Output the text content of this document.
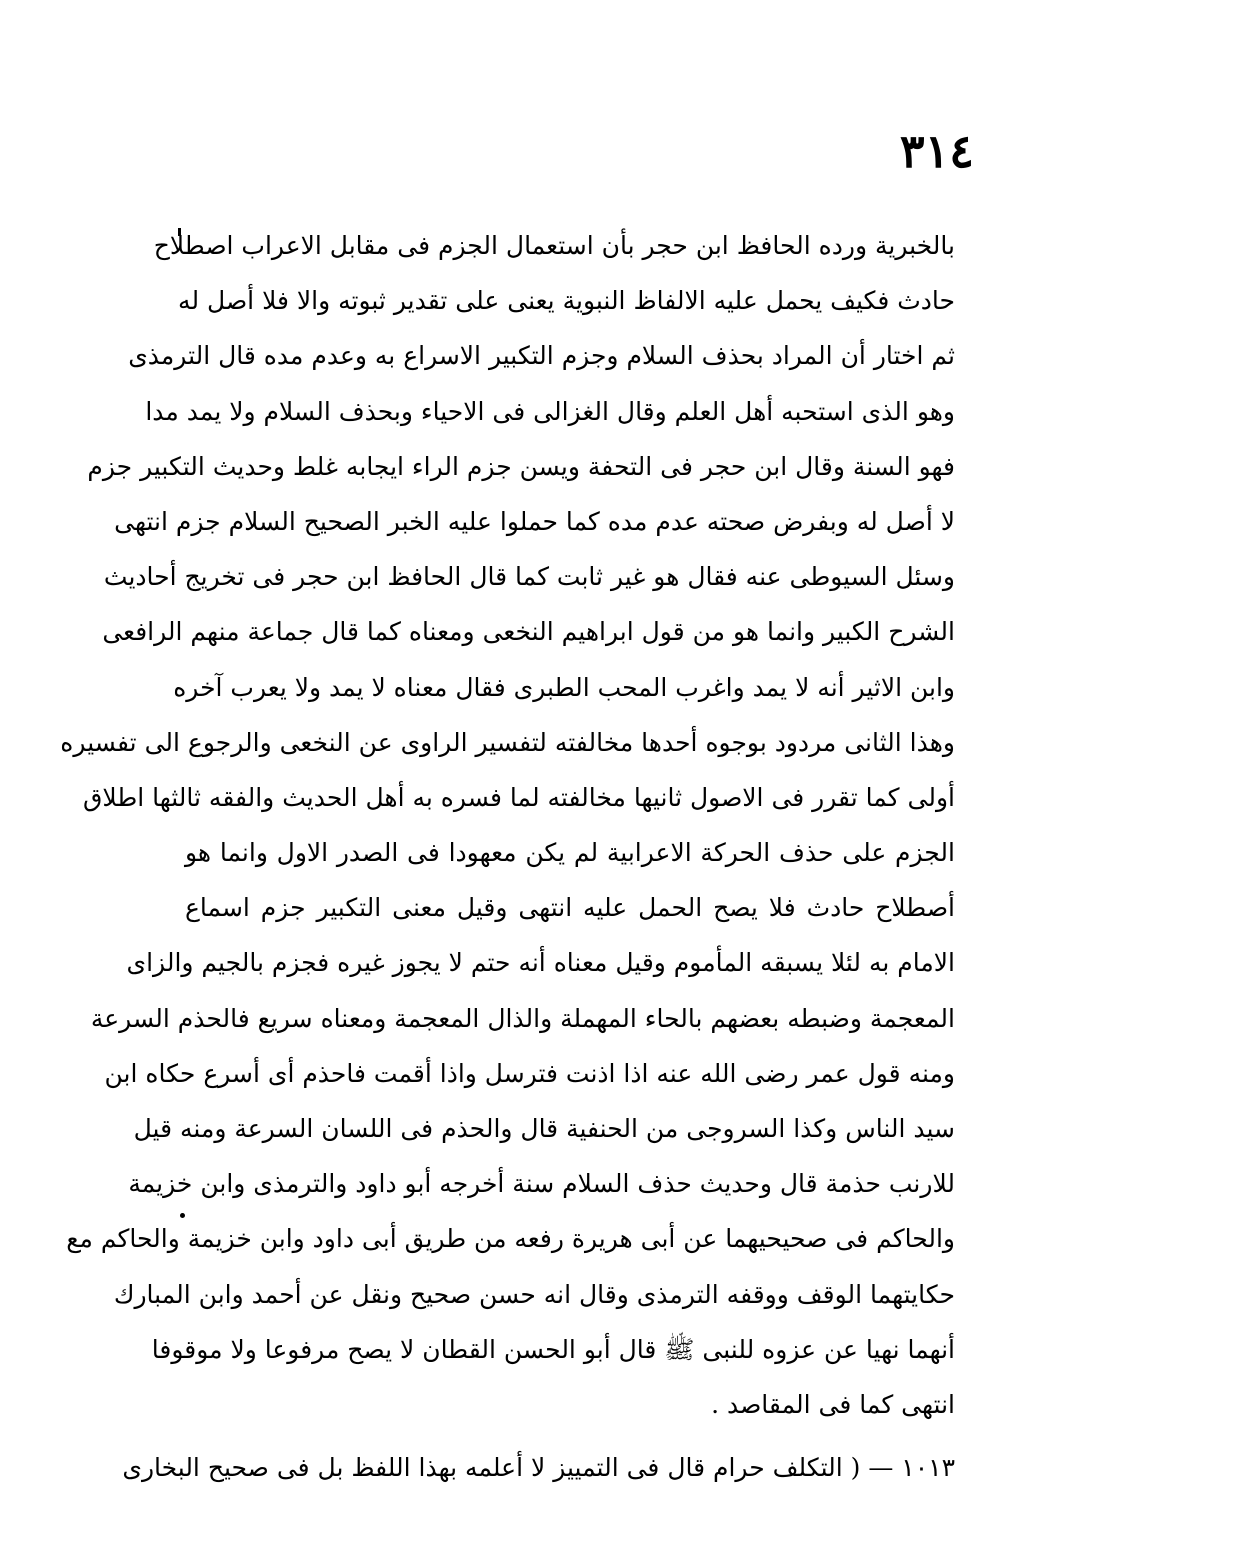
٣١٤
بالخبرية ورده الحافظ ابن حجر بأن استعمال الجزم فى مقابل الاعراب اصطلاح
حادث فكيف يحمل عليه الالفاظ النبوية يعنى على تقدير ثبوته والا فلا أصل له
ثم اختار أن المراد بحذف السلام وجزم التكبير الاسراع به وعدم مده قال الترمذى
وهو الذى استحبه أهل العلم وقال الغزالى فى الاحياء وبحذف السلام ولا يمد مدا
فهو السنة وقال ابن حجر فى التحفة ويسن جزم الراء ايجابه غلط وحديث التكبير جزم
لا أصل له وبفرض صحته عدم مده كما حملوا عليه الخبر الصحيح السلام جزم انتهى
وسئل السيوطى عنه فقال هو غير ثابت كما قال الحافظ ابن حجر فى تخريج أحاديث
الشرح الكبير وانما هو من قول ابراهيم النخعى ومعناه كما قال جماعة منهم الرافعى
وابن الاثير أنه لا يمد واغرب المحب الطبرى فقال معناه لا يمد ولا يعرب آخره
وهذا الثانى مردود بوجوه أحدها مخالفته لتفسير الراوى عن النخعى والرجوع الى تفسيره
أولى كما تقرر فى الاصول ثانيها مخالفته لما فسره به أهل الحديث والفقه ثالثها اطلاق
الجزم على حذف الحركة الاعرابية لم يكن معهودا فى الصدر الاول وانما هو
أصطلاح حادث فلا يصح الحمل عليه انتهى وقيل معنى التكبير جزم اسماع
الامام به لئلا يسبقه المأموم وقيل معناه أنه حتم لا يجوز غيره فجزم بالجيم والزاى
المعجمة وضبطه بعضهم بالحاء المهملة والذال المعجمة ومعناه سريع فالحذم السرعة
ومنه قول عمر رضى الله عنه اذا اذنت فترسل واذا أقمت فاحذم أى أسرع حكاه ابن
سيد الناس وكذا السروجى من الحنفية قال والحذم فى اللسان السرعة ومنه قيل
للارنب حذمة قال وحديث حذف السلام سنة أخرجه أبو داود والترمذى وابن خزيمة
والحاكم فى صحيحيهما عن أبى هريرة رفعه من طريق أبى داود وابن خزيمة والحاكم مع
حكايتهما الوقف ووقفه الترمذى وقال انه حسن صحيح ونقل عن أحمد وابن المبارك
أنهما نهيا عن عزوه للنبى ﷺ قال أبو الحسن القطان لا يصح مرفوعا ولا موقوفا
انتهى كما فى المقاصد .
١٠١٣ — ( التكلف حرام قال فى التمييز لا أعلمه بهذا اللفظ بل فى صحيح البخارى
